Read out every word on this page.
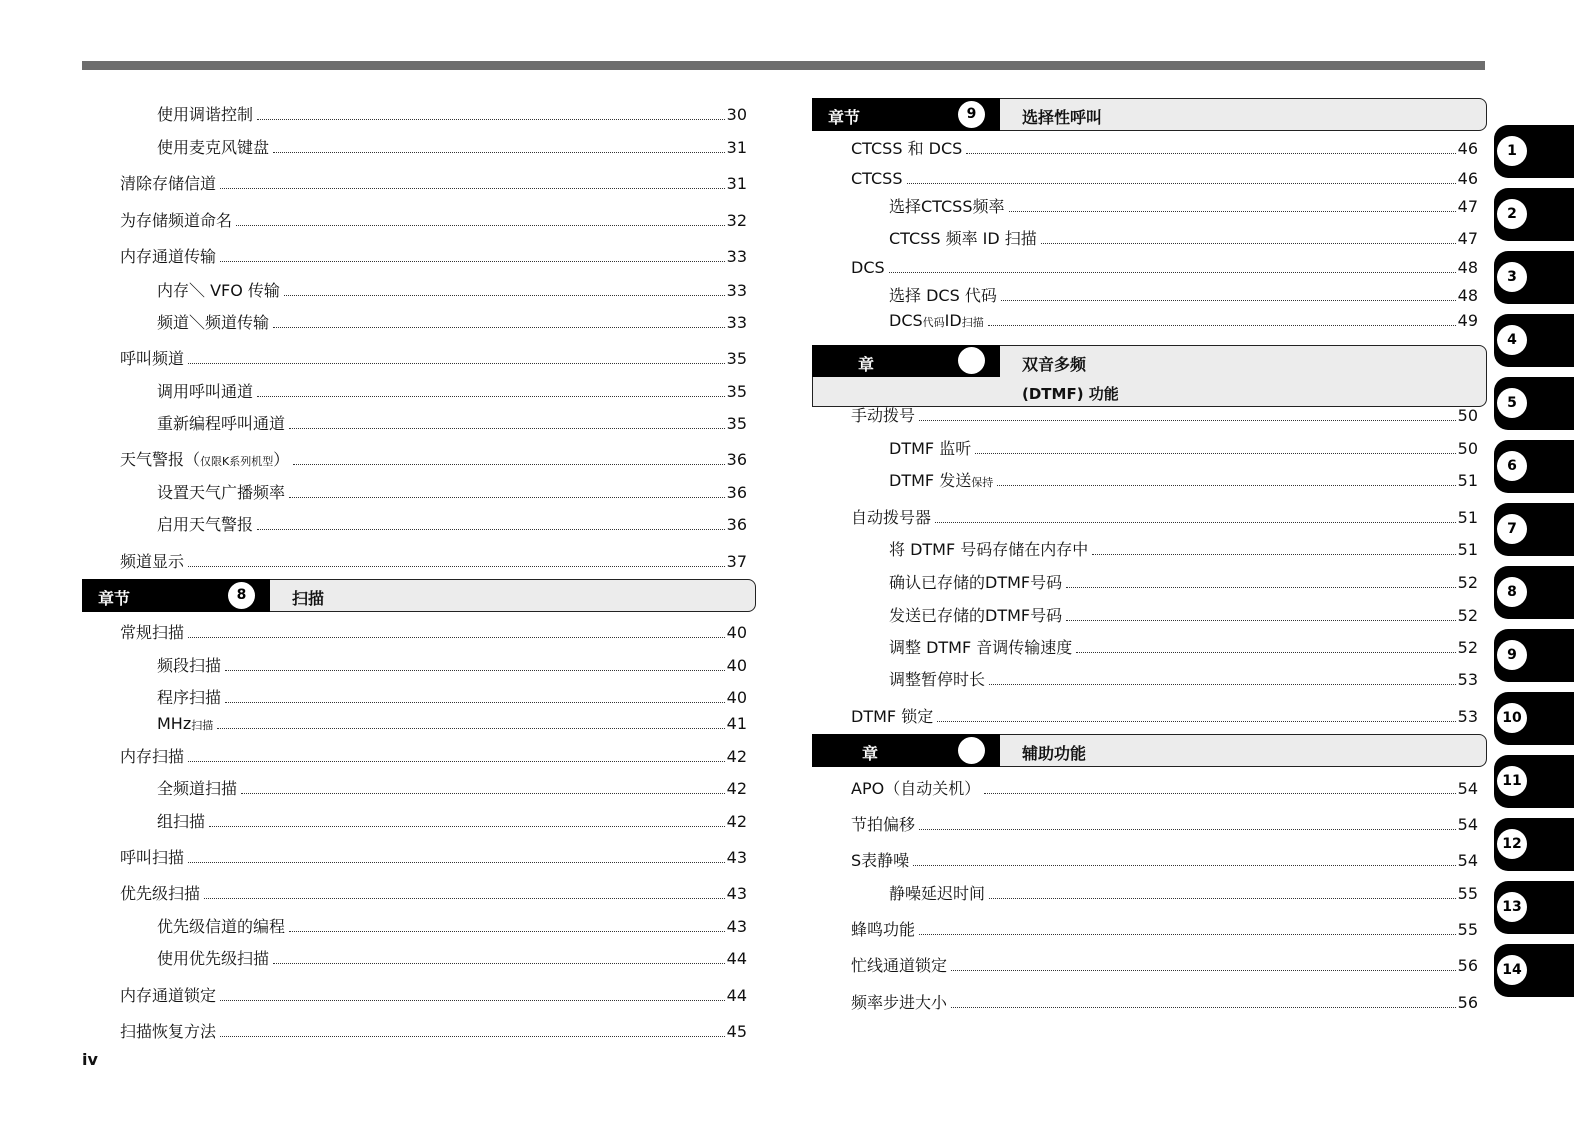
使用调谐控制	30
使用麦克风键盘	31
清除存储信道	31
为存储频道命名	32
内存通道传输	33
内存＼ VFO 传输	33
频道＼频道传输	33
呼叫频道	35
调用呼叫通道	35
重新编程呼叫通道	35
天气警报（ 仅限K系列机型 ）	36
设置天气广播频率	36
启用天气警报	36
频道显示	37
章节	8	扫描
常规扫描	40
频段扫描	40
程序扫描	40
MHz 扫描	41
内存扫描	42
全频道扫描	42
组扫描	42
呼叫扫描	43
优先级扫描	43
优先级信道的编程	43
使用优先级扫描	44
内存通道锁定	44
扫描恢复方法	45
章节	9	选择性呼叫
CTCSS 和 DCS	46
CTCSS	46
选择CTCSS频率	47
CTCSS 频率 ID 扫描	47
DCS	48
选择 DCS 代码	48
DCS 代码 ID 扫描	49
章	双音多频
(DTMF) 功能
手动拨号	50
DTMF 监听	50
DTMF 发送 保持	51
自动拨号器	51
将 DTMF 号码存储在内存中	51
确认已存储的DTMF号码	52
发送已存储的DTMF号码	52
调整 DTMF 音调传输速度	52
调整暂停时长	53
DTMF 锁定	53
章	辅助功能
APO（自动关机）	54
节拍偏移	54
S表静噪	54
静噪延迟时间	55
蜂鸣功能	55
忙线通道锁定	56
频率步进大小	56
1
2
3
4
5
6
7
8
9
10
11
12
13
14
iv
